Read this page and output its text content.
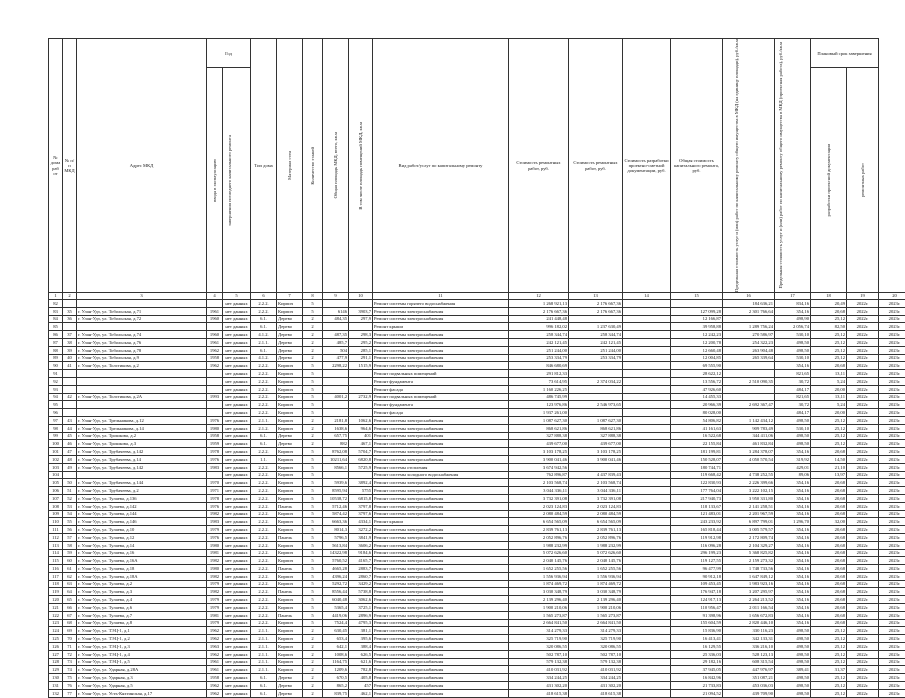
№ дома раб от	№ п/п МКД	Адрес МКД	Год		Тип дома	Материал стен	Количество этажей	Общая площадь МКД, всего, кв.м	В том числе площадь помещений МКД, кв.м	Вид работ/услуг по капитальному ремонту	Стоимость ремонтных работ, руб.	Стоимость ремонтных работ, руб.	Стоимость разработки проектно-сметной документации, руб.	Общая стоимость капитального ремонта, руб.	Предельная стоимость услуг и (или) работ по капитальному ремонту общего имущества в МКД (на единицу площади), руб./кв.м	Предельная стоимость услуг и (или) работ по капитальному ремонту общего имущества в МКД (проектная работа), руб./кв.м	Плановый срок завершения		

			ввода в эксплуатацию	завершения последнего капитального ремонта													разработки проектной документации	ремонтных работ	

1	2	3	4	5	6	7	8	9	10	11	12	13	14	15	16	17	18	19	20
82				нет данных	2.2.2.	Кирпич	5			Ремонт системы горячего водоснабжения	1 268 921,13	2 176 667,36			184 636,21	834,16	20,49	2022г.	2023г.
83	35	г. Улан-Удэ, ул. Тобольская, д.71	1961	нет данных	2.2.2.	Кирпич	5	6146	3903,7	Ремонт системы электроснабжения	2 176 667,36	2 176 667,36		127 099,28	2 301 766,64	354,16	20,68	2022г.	2023г.
84	36	г. Улан-Удэ, ул. Тобольская, д.72	1960	нет данных	6.1.	Дерево	2	484,35	297,9	Ремонт системы электроснабжения	241 448,48			12 166,87		498,90	25,12	2022г.	2023г.
85				нет данных	6.1.	Дерево	2			Ремонт крыши	996 182,02	1 237 630,49		39 958,88	1 289 756,24	2 056,74	82,50	2022г.	2023г.
86	37	г. Улан-Удэ, ул. Тобольская, д.74	1960	нет данных	4.1.2.	Дерево	2	487,35	298,3	Ремонт системы электроснабжения	258 344,74	258 344,74		12 242,23	270 586,97	530,10	25,12	2022г.	2023г.
87	38	г. Улан-Удэ, ул. Тобольская, д.76	1961	нет данных	2.1.1.	Дерево	2	485,7	295,2	Ремонт системы электроснабжения	242 121,45	242 121,45		12 200,78	254 322,23	498,50	25,12	2022г.	2023г.
88	39	г. Улан-Удэ, ул. Тобольская, д.78	1962	нет данных	6.1.	Дерево	2	504	285,1	Ремонт системы электроснабжения	251 244,00	251 244,00		12 660,48	263 904,48	498,50	25,12	2022г.	2023г.
89	40	г. Улан-Удэ, ул. Тобольская, д.9	1958	нет данных	4.1.2.	Дерево	2	477,9	291,1	Ремонт системы электроснабжения	253 334,79	253 334,79		12 004,85	265 339,64	530,10	25,12	2022г.	2023г.
90	41	г. Улан-Удэ, ул. Толстикова, д.2	1962	нет данных	2.2.2.	Кирпич	5	2298,22	1515,9	Ремонт системы электроснабжения	846 680,69			69 555,90		354,16	20,68	2022г.	2023г.
91				нет данных	2.2.2.	Кирпич	5			Ремонт подвальных помещений	291 812,33			28 622,12		821,65	13,11	2022г.	2023г.
92				нет данных	2.2.2.	Кирпич	5			Ремонт фундамента	73 614,95	2 374 034,22		13 556,72	2 510 090,35	30,72	5,24	2022г.	2023г.
93				нет данных	2.2.2.	Кирпич	5			Ремонт фасада	1 160 226,25			47 926,60		484,17	20,00	2022г.	2023г.
94	42	г. Улан-Удэ, ул. Толстикова, д.2А	1993	нет данных	2.2.2.	Кирпич	5	4001,2	2732,9	Ремонт подвальных помещений	486 745,99			14 455,33		821,65	13,11	2022г.	2023г.
95				нет данных	2.2.2.	Кирпич	5			Ремонт фундамента	123 976,86	2 546 973,65		20 966,39	2 692 367,47	30,72	5,24	2022г.	2023г.
96				нет данных	2.2.2.	Кирпич	5			Ремонт фасада	1 937 261,00			80 028,00		484,17	20,00	2022г.	2023г.
97	43	г. Улан-Удэ, ул. Трельникова, д.12	1976	нет данных	2.1.1.	Кирпич	2	2181,8	1062,6	Ремонт системы электроснабжения	1 087 627,30	1 087 627,30		54 806,82	1 142 434,12	498,50	25,12	2022г.	2023г.
98	44	г. Улан-Удэ, ул. Трельникова, д.14	1980	нет данных	2.1.2.	Кирпич	2	1638,6	964,6	Ремонт системы электроснабжения	868 621,86	868 621,86		41 161,63	909 783,49	530,10	25,12	2022г.	2023г.
99	45	г. Улан-Удэ, ул. Трошкова, д.2	1958	нет данных	6.1.	Дерево	2	657,75	401	Ремонт системы электроснабжения	327 888,38	327 888,38		16 522,68	344 411,06	498,50	25,12	2022г.	2023г.
100	46	г. Улан-Удэ, ул. Трошкова, д.3	1959	нет данных	6.1.	Дерево	2	882	467,1	Ремонт системы электроснабжения	439 677,00	439 677,00		22 155,84	461 832,84	498,50	25,12	2022г.	2023г.
101	47	г. Улан-Удэ, ул. Трубачеева, д.142	1978	нет данных	2.2.2.	Кирпич	5	8762,08	5704,7	Ремонт системы электроснабжения	3 103 178,25	3 103 178,25		181 199,81	3 284 378,07	354,16	20,68	2022г.	2023г.
102	48	г. Улан-Удэ, ул. Трубачеева, д.14	1976	нет данных	1.1.	Кирпич	5	10211,64	6820,8	Ремонт системы электроснабжения	3 900 041,46	3 900 041,46		150 528,07	4 050 570,54	319,92	14,50	2022г.	2023г.
103	49	г. Улан-Удэ, ул. Трубачеева, д.142	1983	нет данных	2.2.2.	Кирпич	5	8566,1	5725,9	Ремонт системы отопления	3 674 942,56			180 744,71		429,01	21,10	2022г.	2023г.
104				нет данных	2.2.2.	Кирпич	5			Ремонт системы холодного водоснабжения	762 896,87	4 437 839,43		119 668,42	4 738 252,55	89,06	13,97	2022г.	2023г.
105	50	г. Улан-Удэ, ул. Трубачеева, д.144	1970	нет данных	2.2.2.	Кирпич	5	5939,6	3892,4	Ремонт системы электроснабжения	2 103 568,74	2 103 568,74		122 830,93	2 226 399,66	354,16	20,68	2022г.	2023г.
106	51	г. Улан-Удэ, ул. Трубачеева, д.2	1971	нет данных	2.2.2.	Кирпич	5	8595,94	5755	Ремонт системы электроснабжения	3 044 336,11	3 044 336,11		177 764,04	3 222 102,15	354,16	20,68	2022г.	2023г.
107	52	г. Улан-Удэ, ул. Тулаева, д.136	1978	нет данных	2.2.2.	Кирпич	5	10538,72	6815,8	Ремонт системы электроснабжения	3 732 391,08	3 732 391,08		217 940,73	3 950 331,80	354,16	20,68	2022г.	2023г.
108	53	г. Улан-Удэ, ул. Тулаева, д.142	1976	нет данных	2.2.2.	Панель	5	5712,46	3797,8	Ремонт системы электроснабжения	2 023 124,83	2 023 124,83		118 133,67	2 141 258,51	354,16	20,68	2022г.	2023г.
109	54	г. Улан-Удэ, ул. Тулаева, д.144	1982	нет данных	2.2.2.	Кирпич	5	5874,42	3797,6	Ремонт системы электроснабжения	2 080 484,59	2 080 484,59		121 483,01	2 201 967,59	354,16	20,68	2022г.	2023г.
110	55	г. Улан-Удэ, ул. Тулаева, д.146	1983	нет данных	2.2.2.	Кирпич	5	6663,36	4334,1	Ремонт крыши	6 654 565,09	6 654 565,09		243 233,92	6 897 799,01	1 296,70	32,00	2022г.	2023г.
111	56	г. Улан-Удэ, ул. Тулаева, д.10	1979	нет данных	2.2.2.	Кирпич	5	8014,3	3272,2	Ремонт системы электроснабжения	2 839 761,13	2 839 761,13		165 818,44	3 005 579,57	354,16	20,68	2022г.	2023г.
112	57	г. Улан-Удэ, ул. Тулаева, д.12	1976	нет данных	2.2.2.	Панель	5	5796,5	3841,9	Ремонт системы электроснабжения	2 052 896,76	2 052 896,76		119 912,98	2 172 809,74	354,16	20,68	2022г.	2023г.
113	58	г. Улан-Удэ, ул. Тулаева, д.14	1980	нет данных	2.2.2.	Кирпич	5	5613,84	3606,2	Ремонт системы электроснабжения	1 988 232,99	1 988 232,99		116 096,28	2 104 329,27	354,16	20,68	2022г.	2023г.
114	59	г. Улан-Удэ, ул. Тулаева, д.16	1981	нет данных	2.2.2.	Кирпич	5	14322,98	9184,6	Ремонт системы электроснабжения	5 072 626,60	5 072 626,60		296 199,23	5 368 825,82	354,16	20,68	2022г.	2023г.
115	60	г. Улан-Удэ, ул. Тулаева, д.16А	1982	нет данных	2.2.2.	Кирпич	5	5760,52	4165,7	Ремонт системы электроснабжения	2 040 145,76	2 040 145,76		119 127,55	2 159 273,32	354,16	20,68	2022г.	2023г.
116	61	г. Улан-Удэ, ул. Тулаева, д.18	1980	нет данных	2.2.2.	Панель	5	4665,28	2883,7	Ремонт системы электроснабжения	1 652 255,56	1 652 255,56		96 477,99	1 748 733,56	354,16	20,68	2022г.	2023г.
117	62	г. Улан-Удэ, ул. Тулаева, д.18А	1982	нет данных	2.2.2.	Кирпич	5	4396,24	2860,7	Ремонт системы электроснабжения	1 556 936,94	1 556 936,94		90 912,18	1 647 849,12	354,16	20,68	2022г.	2023г.
118	63	г. Улан-Удэ, ул. Тулаева, д.2	1979	нет данных	2.2.2.	Кирпич	5	5292,72	3429,2	Ремонт системы электроснабжения	1 874 469,72	1 874 469,72		109 453,45	1 983 923,16	354,16	20,68	2022г.	2023г.
119	64	г. Улан-Удэ, ул. Тулаева, д.3	1982	нет данных	2.2.2.	Панель	5	8556,44	5738,8	Ремонт системы электроснабжения	3 030 348,79	3 030 348,79		176 947,18	3 207 295,97	354,16	20,68	2022г.	2023г.
120	65	г. Улан-Удэ, ул. Тулаева, д.4	1979	нет данных	2.2.2.	Кирпич	5	6040,48	3062,6	Ремонт системы электроснабжения	2 139 296,40	2 139 296,40		124 917,13	2 264 213,52	354,16	20,68	2022г.	2023г.
121	66	г. Улан-Удэ, ул. Тулаева, д.6	1979	нет данных	2.2.2.	Кирпич	5	5365,4	3725,1	Ремонт системы электроснабжения	1 900 210,06	1 900 210,06		110 956,47	2 011 166,54	354,16	20,68	2022г.	2023г.
122	67	г. Улан-Удэ, ул. Тулаева, д.7	1981	нет данных	2.2.2.	Панель	5	4419,06	2896,9	Ремонт системы электроснабжения	1 565 273,87	1 565 273,87		91 398,96	1 656 672,83	354,16	20,68	2022г.	2023г.
123	68	г. Улан-Удэ, ул. Тулаева, д.8	1979	нет данных	2.2.2.	Кирпич	5	7524,4	4795,3	Ремонт системы электроснабжения	2 664 841,50	2 664 841,50		155 604,59	2 820 446,10	354,16	20,68	2022г.	2023г.
124	69	г. Улан-Удэ, ул. ТЭЦ-1, д.1	1962	нет данных	2.1.1.	Кирпич	2	630,45	381,1	Ремонт системы электроснабжения	314 279,33	314 279,33		15 836,90	330 116,23	498,50	25,12	2022г.	2023г.
125	70	г. Улан-Удэ, ул. ТЭЦ-1, д.2	1962	нет данных	2.1.1.	Кирпич	2	653,4	395,6	Ремонт системы электроснабжения	325 719,90	325 719,90		16 413,41	342 133,31	498,50	25,12	2022г.	2023г.
126	71	г. Улан-Удэ, ул. ТЭЦ-1, д.3	1963	нет данных	2.1.1.	Кирпич	2	642,1	388,4	Ремонт системы электроснабжения	320 086,55	320 086,55		16 129,55	336 216,10	498,50	25,12	2022г.	2023г.
127	72	г. Улан-Удэ, ул. ТЭЦ-1, д.4	1962	нет данных	2.1.1.	Кирпич	2	1008,6	626,5	Ремонт системы электроснабжения	502 787,10	502 787,10		25 336,03	528 123,13	498,50	25,12	2022г.	2023г.
128	73	г. Улан-Удэ, ул. ТЭЦ-1, д.5	1961	нет данных	2.1.1.	Кирпич	2	1164,75	621,6	Ремонт системы электроснабжения	579 132,38	579 132,38		29 182,16	608 315,54	498,50	25,12	2022г.	2023г.
129	74	г. Улан-Удэ, ул. Ударная, д.28А	1961	нет данных	2.1.1.	Кирпич	2	1209,6	782,8	Ремонт системы электроснабжения	410 031,92	410 031,92		37 945,05	447 976,97	389,41	31,37	2022г.	2023г.
130	75	г. Улан-Удэ, ул. Ударная, д.3	1958	нет данных	6.1.	Дерево	2	670,5	405,8	Ремонт системы электроснабжения	334 244,25	334 244,25		16 842,96	351 087,21	498,50	25,12	2022г.	2023г.
131	76	г. Улан-Удэ, ул. Ударная, д.5	1962	нет данных	6.1.	Дерево	2	865,2	457	Ремонт системы электроснабжения	431 302,20	431 302,20		21 733,83	453 036,03	498,50	25,12	2022г.	2023г.
132	77	г. Улан-Удэ, ул. Усть-Кяхтинская, д.17	1962	нет данных	6.1.	Дерево	2	839,75	462,1	Ремонт системы электроснабжения	418 615,38	418 615,38		21 094,52	439 709,90	498,50	25,12	2022г.	2023г.
